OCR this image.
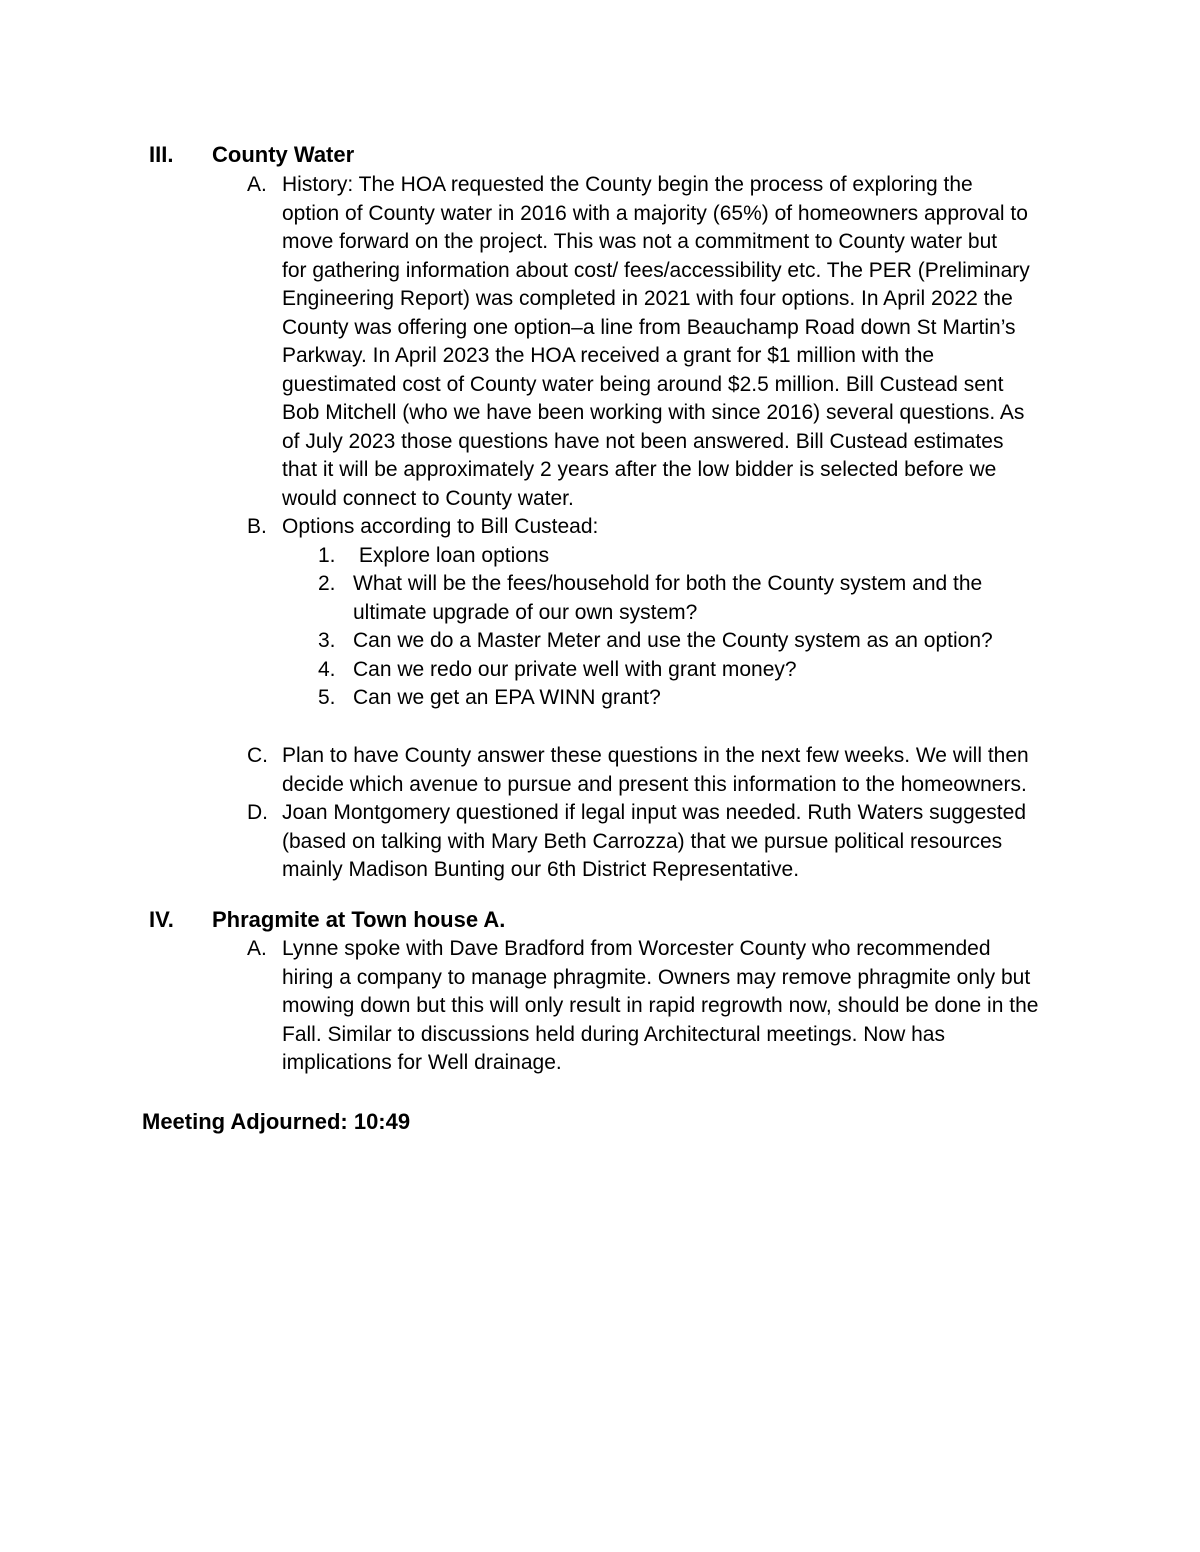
III. County Water
A. History: The HOA requested the County begin the process of exploring the
option of County water in 2016 with a majority (65%) of homeowners approval to
move forward on the project. This was not a commitment to County water but
for gathering information about cost/ fees/accessibility etc. The PER (Preliminary
Engineering Report) was completed in 2021 with four options. In April 2022 the
County was offering one option–a line from Beauchamp Road down St Martin’s
Parkway. In April 2023 the HOA received a grant for $1 million with the
guestimated cost of County water being around $2.5 million. Bill Custead sent
Bob Mitchell (who we have been working with since 2016) several questions. As
of July 2023 those questions have not been answered. Bill Custead estimates
that it will be approximately 2 years after the low bidder is selected before we
would connect to County water.
B. Options according to Bill Custead:
1. Explore loan options
2. What will be the fees/household for both the County system and the
ultimate upgrade of our own system?
3. Can we do a Master Meter and use the County system as an option?
4. Can we redo our private well with grant money?
5. Can we get an EPA WINN grant?
C. Plan to have County answer these questions in the next few weeks. We will then
decide which avenue to pursue and present this information to the homeowners.
D. Joan Montgomery questioned if legal input was needed. Ruth Waters suggested
(based on talking with Mary Beth Carrozza) that we pursue political resources
mainly Madison Bunting our 6th District Representative.
IV. Phragmite at Town house A.
A. Lynne spoke with Dave Bradford from Worcester County who recommended
hiring a company to manage phragmite. Owners may remove phragmite only but
mowing down but this will only result in rapid regrowth now, should be done in the
Fall. Similar to discussions held during Architectural meetings. Now has
implications for Well drainage.
Meeting Adjourned: 10:49
